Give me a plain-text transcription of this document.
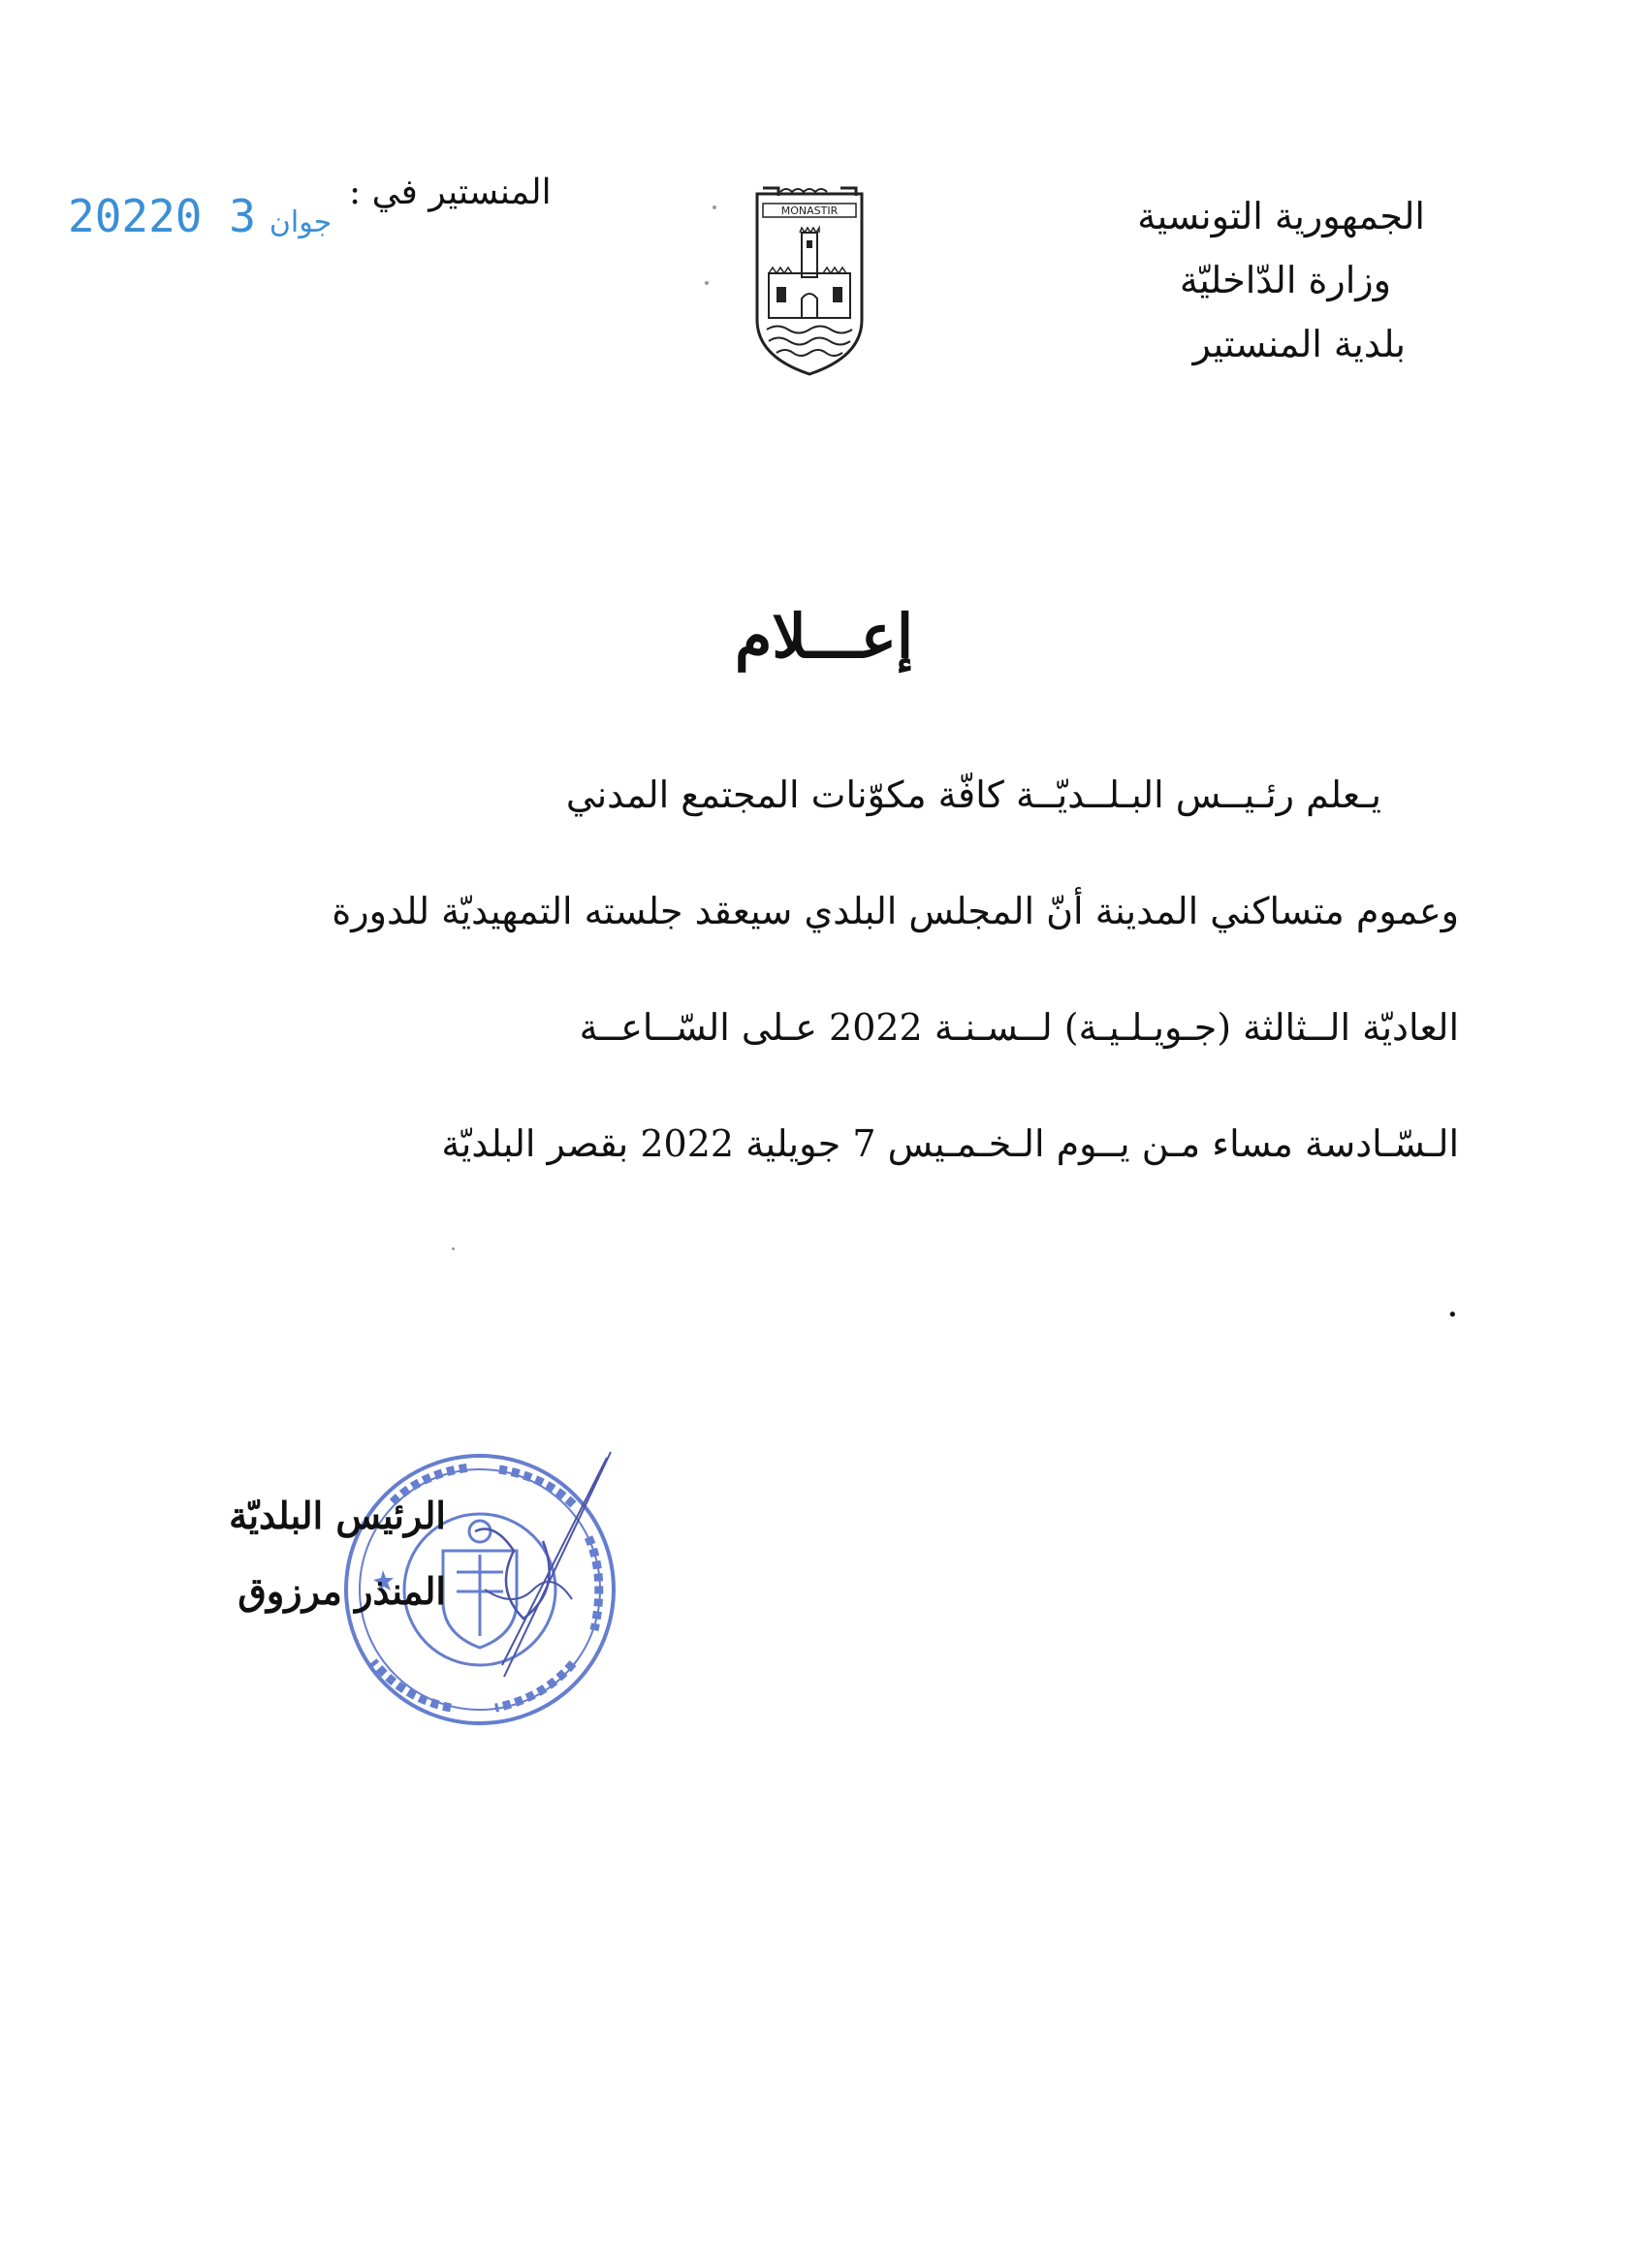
الجمهورية التونسية
وزارة الدّاخليّة
بلدية المنستير
MONASTIR
المنستير في :
2022	جوان3 0
إعـــلام
يـعلم رئـيــس البـلــديّــة كافّة مكوّنات المجتمع المدني
وعموم متساكني المدينة أنّ المجلس البلدي سيعقد جلسته التمهيديّة للدورة
العاديّة الــثالثة (جـويـلـيـة) لــسـنـة 2022 عـلى السّــاعــة
الـسّـادسة مساء مـن يــوم الـخـمـيس 7 جويلية 2022 بقصر البلديّة
.
الرئيس البلديّة
المنذر مرزوق
